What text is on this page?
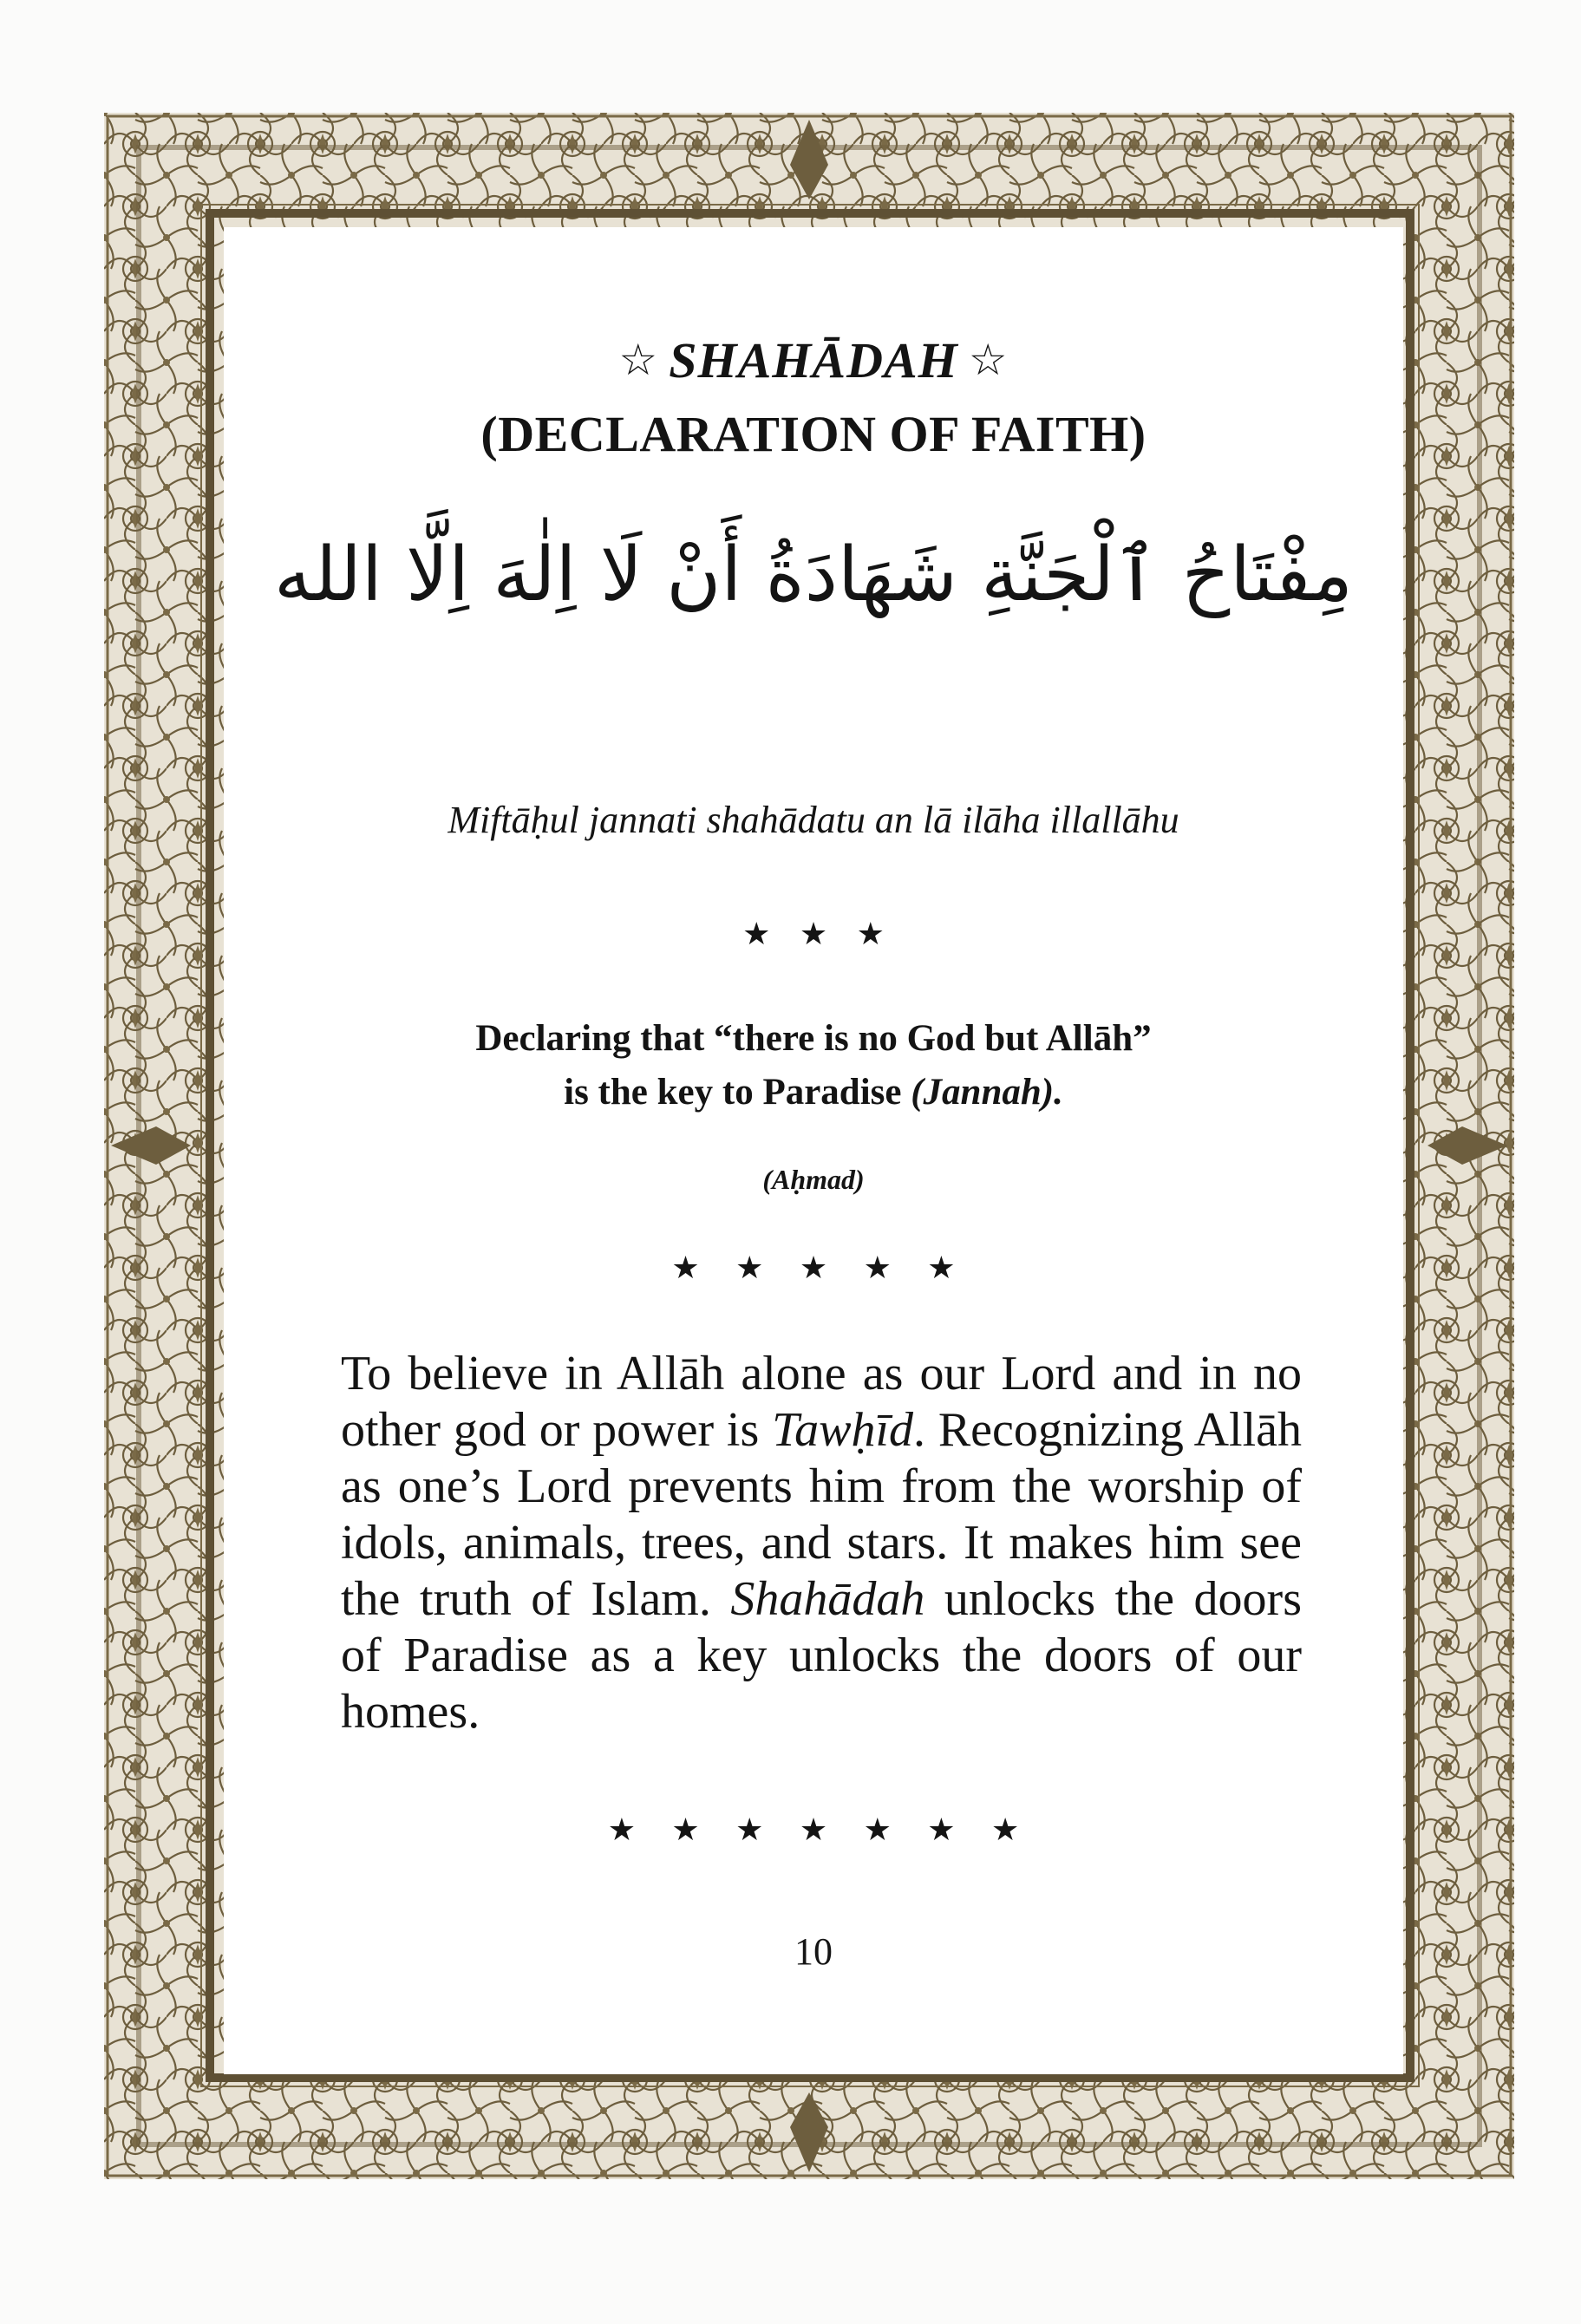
☆ SHAHĀDAH ☆
(DECLARATION OF FAITH)
مِفْتَاحُ ٱلْجَنَّةِ شَهَادَةُ أَنْ لَا اِلٰهَ اِلَّا الله
Miftāḥul jannati shahādatu an lā ilāha illallāhu
★ ★ ★
Declaring that “there is no God but Allāh”
is the key to Paradise (Jannah).
(Aḥmad)
★ ★ ★ ★ ★
To believe in Allāh alone as our Lord and in no other god or power is Tawḥīd. Recognizing Allāh as one’s Lord prevents him from the worship of idols, animals, trees, and stars. It makes him see the truth of Islam. Shahādah unlocks the doors of Paradise as a key unlocks the doors of our homes.
★ ★ ★ ★ ★ ★ ★
10
